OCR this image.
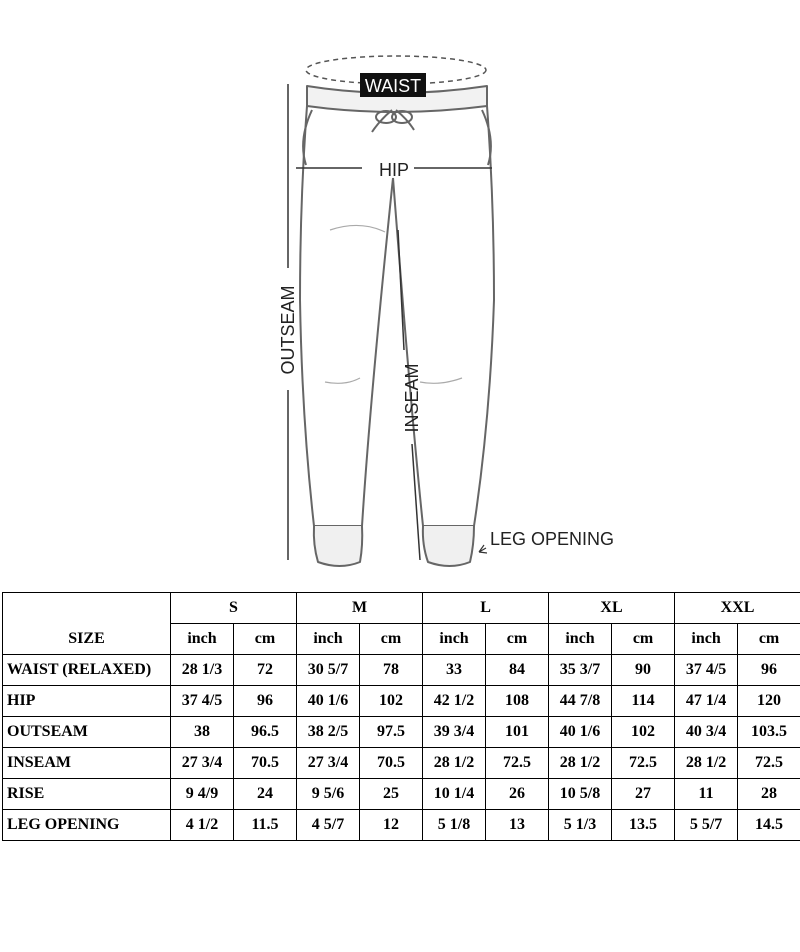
WAIST
HIP
OUTSEAM
INSEAM
LEG OPENING
	S		M		L		XL		XXL	
SIZE	inch	cm	inch	cm	inch	cm	inch	cm	inch	cm
WAIST (RELAXED)	28 1/3	72	30 5/7	78	33	84	35 3/7	90	37 4/5	96
HIP	37 4/5	96	40 1/6	102	42 1/2	108	44 7/8	114	47 1/4	120
OUTSEAM	38	96.5	38 2/5	97.5	39 3/4	101	40 1/6	102	40 3/4	103.5
INSEAM	27 3/4	70.5	27 3/4	70.5	28 1/2	72.5	28 1/2	72.5	28 1/2	72.5
RISE	9 4/9	24	9 5/6	25	10 1/4	26	10 5/8	27	11	28
LEG OPENING	4 1/2	11.5	4 5/7	12	5 1/8	13	5 1/3	13.5	5 5/7	14.5
